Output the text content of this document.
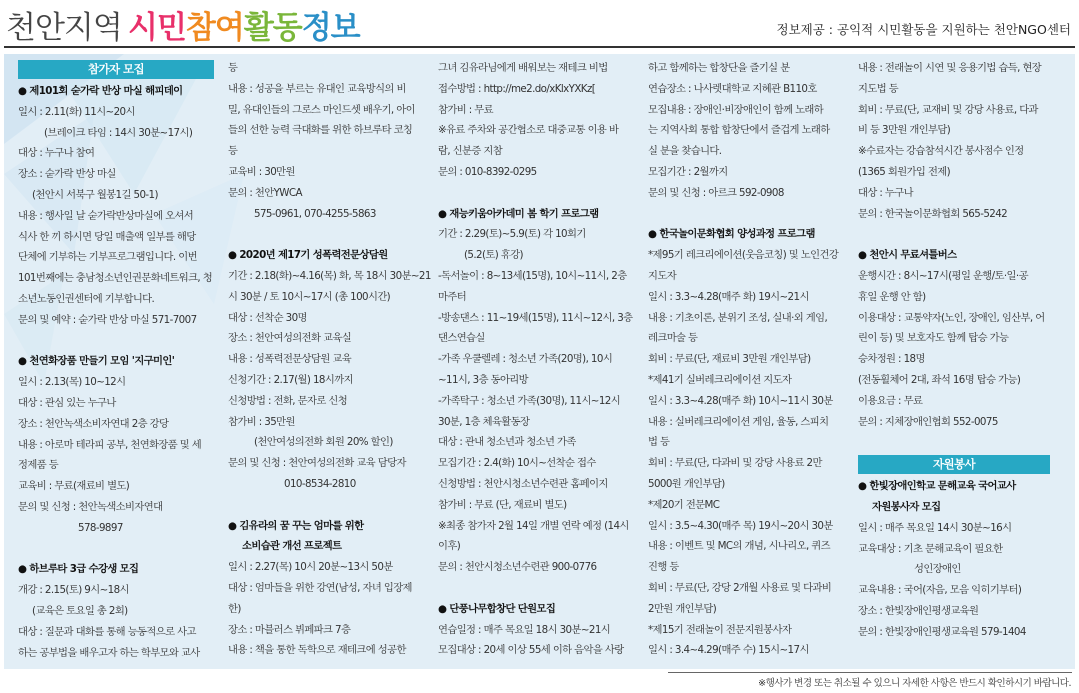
천안지역 시민참여활동정보	정보제공 : 공익적 시민활동을 지원하는 천안NGO센터
참가자 모집
● 제101회 숟가락 반상 마실 해피데이
일시 : 2.11(화) 11시~20시
(브레이크 타임 : 14시 30분~17시)
대상 : 누구나 참여
장소 : 숟가락 반상 마실
(천안시 서북구 월봉1길 50-1)
내용 : 행사일 날 숟가락반상마실에 오셔서
식사 한 끼 하시면 당일 매출액 일부를 해당
단체에 기부하는 기부프로그램입니다. 이번
101번째에는 충남청소년인권문화네트워크, 청
소년노동인권센터에 기부합니다.
문의 및 예약 : 숟가락 반상 마실 571-7007
● 천연화장품 만들기 모임 '지구미인'
일시 : 2.13(목) 10~12시
대상 : 관심 있는 누구나
장소 : 천안녹색소비자연대 2층 강당
내용 : 아로마 테라피 공부, 천연화장품 및 세
정제품 등
교육비 : 무료(재료비 별도)
문의 및 신청 : 천안녹색소비자연대
578-9897
● 하브루타 3급 수강생 모집
개강 : 2.15(토) 9시~18시
(교육은 토요일 총 2회)
대상 : 질문과 대화를 통해 능동적으로 사고
하는 공부법을 배우고자 하는 학부모와 교사
등
내용 : 성공을 부르는 유대인 교육방식의 비
밀, 유대인들의 그로스 마인드셋 배우기, 아이
들의 선한 능력 극대화를 위한 하브루타 코칭
등
교육비 : 30만원
문의 : 천안YWCA
575-0961, 070-4255-5863
● 2020년 제17기 성폭력전문상담원
기간 : 2.18(화)~4.16(목) 화, 목 18시 30분~21
시 30분 / 토 10시~17시 (총 100시간)
대상 : 선착순 30명
장소 : 천안여성의전화 교육실
내용 : 성폭력전문상담원 교육
신청기간 : 2.17(월) 18시까지
신청방법 : 전화, 문자로 신청
참가비 : 35만원
(천안여성의전화 회원 20% 할인)
문의 및 신청 : 천안여성의전화 교육 담당자
010-8534-2810
● 김유라의 꿈 꾸는 엄마를 위한
소비습관 개선 프로젝트
일시 : 2.27(목) 10시 20분~13시 50분
대상 : 엄마들을 위한 강연(남성, 자녀 입장제
한)
장소 : 마블러스 뷔페파크 7층
내용 : 책을 통한 독학으로 재테크에 성공한
그녀 김유라님에게 배워보는 재테크 비법
접수방법 : http://me2.do/xKlxYXKz[
참가비 : 무료
※유료 주차와 공간협소로 대중교통 이용 바
람, 신분증 지참
문의 : 010-8392-0295
● 재능키움아카데미 봄 학기 프로그램
기간 : 2.29(토)~5.9(토) 각 10회기
(5.2(토) 휴강)
-독서놀이 : 8~13세(15명), 10시~11시, 2층
마주터
-방송댄스 : 11~19세(15명), 11시~12시, 3층
댄스연습실
-가족 우쿨렐레 : 청소년 가족(20명), 10시
~11시, 3층 동아리방
-가족탁구 : 청소년 가족(30명), 11시~12시
30분, 1층 체육활동장
대상 : 관내 청소년과 청소년 가족
모집기간 : 2.4(화) 10시~선착순 접수
신청방법 : 천안시청소년수련관 홈페이지
참가비 : 무료 (단, 재료비 별도)
※최종 참가자 2월 14일 개별 연락 예정 (14시
이후)
문의 : 천안시청소년수련관 900-0776
● 단풍나무합창단 단원모집
연습일정 : 매주 목요일 18시 30분~21시
모집대상 : 20세 이상 55세 이하 음악을 사랑
하고 함께하는 합창단을 즐기실 분
연습장소 : 나사렛대학교 지혜관 B110호
모집내용 : 장애인·비장애인이 함께 노래하
는 지역사회 통합 합창단에서 즐겁게 노래하
실 분을 찾습니다.
모집기간 : 2월까지
문의 및 신청 : 아르크 592-0908
● 한국놀이문화협회 양성과정 프로그램
*제95기 레크리에이션(웃음코칭) 및 노인건강
지도자
일시 : 3.3~4.28(매주 화) 19시~21시
내용 : 기초이론, 분위기 조성, 실내·외 게임,
레크마술 등
회비 : 무료(단, 재료비 3만원 개인부담)
*제41기 실버레크리에이션 지도자
일시 : 3.3~4.28(매주 화) 10시~11시 30분
내용 : 실버레크리에이션 게임, 율동, 스피치
법 등
회비 : 무료(단, 다과비 및 강당 사용료 2만
5000원 개인부담)
*제20기 전문MC
일시 : 3.5~4.30(매주 목) 19시~20시 30분
내용 : 이벤트 및 MC의 개념, 시나리오, 퀴즈
진행 등
회비 : 무료(단, 강당 2개월 사용료 및 다과비
2만원 개인부담)
*제15기 전래놀이 전문지원봉사자
일시 : 3.4~4.29(매주 수) 15시~17시
내용 : 전래놀이 시연 및 응용기법 습득, 현장
지도법 등
회비 : 무료(단, 교재비 및 강당 사용료, 다과
비 등 3만원 개인부담)
※수료자는 강습참석시간 봉사점수 인정
(1365 회원가입 전제)
대상 : 누구나
문의 : 한국놀이문화협회 565-5242
● 천안시 무료셔틀버스
운행시간 : 8시~17시(평일 운행/토·일·공
휴일 운행 안 함)
이용대상 : 교통약자(노인, 장애인, 임산부, 어
린이 등) 및 보호자도 함께 탑승 가능
승차정원 : 18명
(전동휠체어 2대, 좌석 16명 탑승 가능)
이용요금 : 무료
문의 : 지체장애인협회 552-0075
자원봉사
● 한빛장애인학교 문해교육 국어교사
자원봉사자 모집
일시 : 매주 목요일 14시 30분~16시
교육대상 : 기초 문해교육이 필요한
성인장애인
교육내용 : 국어(자음, 모음 익히기부터)
장소 : 한빛장애인평생교육원
문의 : 한빛장애인평생교육원 579-1404
※행사가 변경 또는 취소될 수 있으니 자세한 사항은 반드시 확인하시기 바랍니다.
